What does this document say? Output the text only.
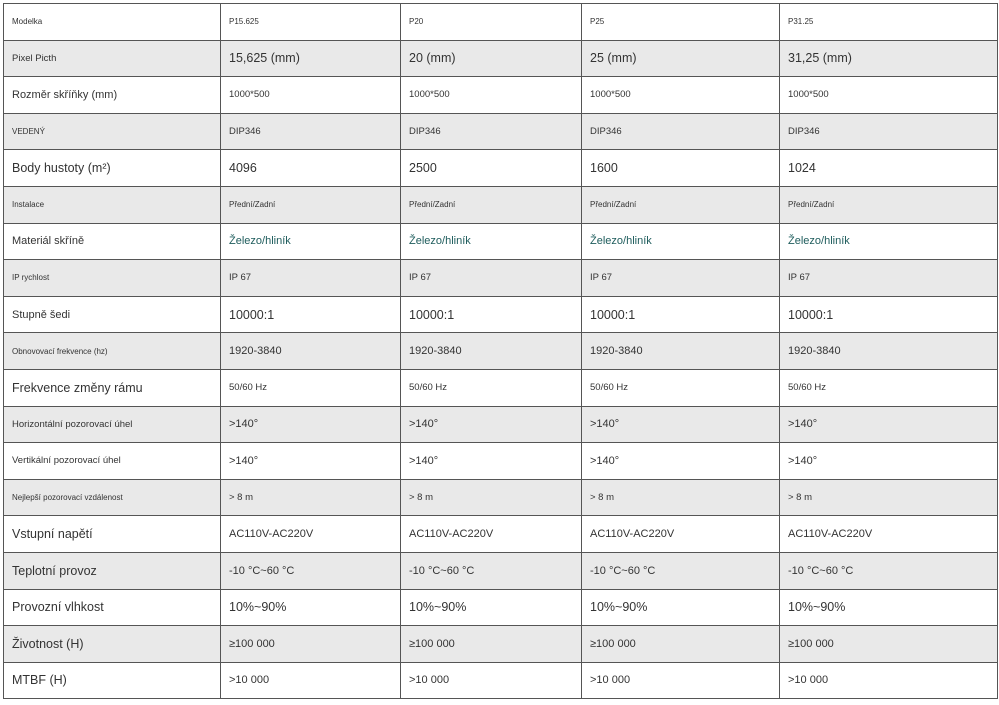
Modelka	P15.625	P20	P25	P31.25
Pixel Picth	15,625 (mm)	20 (mm)	25 (mm)	31,25 (mm)
Rozměr skříňky (mm)	1000*500	1000*500	1000*500	1000*500
VEDENÝ	DIP346	DIP346	DIP346	DIP346
Body hustoty (m²)	4096	2500	1600	1024
Instalace	Přední/Zadní	Přední/Zadní	Přední/Zadní	Přední/Zadní
Materiál skříně	Železo/hliník	Železo/hliník	Železo/hliník	Železo/hliník
IP rychlost	IP 67	IP 67	IP 67	IP 67
Stupně šedi	10000:1	10000:1	10000:1	10000:1
Obnovovací frekvence (hz)	1920-3840	1920-3840	1920-3840	1920-3840
Frekvence změny rámu	50/60 Hz	50/60 Hz	50/60 Hz	50/60 Hz
Horizontální pozorovací úhel	>140°	>140°	>140°	>140°
Vertikální pozorovací úhel	>140°	>140°	>140°	>140°
Nejlepší pozorovací vzdálenost	> 8 m	> 8 m	> 8 m	> 8 m
Vstupní napětí	AC110V-AC220V	AC110V-AC220V	AC110V-AC220V	AC110V-AC220V
Teplotní provoz	-10 °C~60 °C	-10 °C~60 °C	-10 °C~60 °C	-10 °C~60 °C
Provozní vlhkost	10%~90%	10%~90%	10%~90%	10%~90%
Životnost (H)	≥100 000	≥100 000	≥100 000	≥100 000
MTBF (H)	>10 000	>10 000	>10 000	>10 000
